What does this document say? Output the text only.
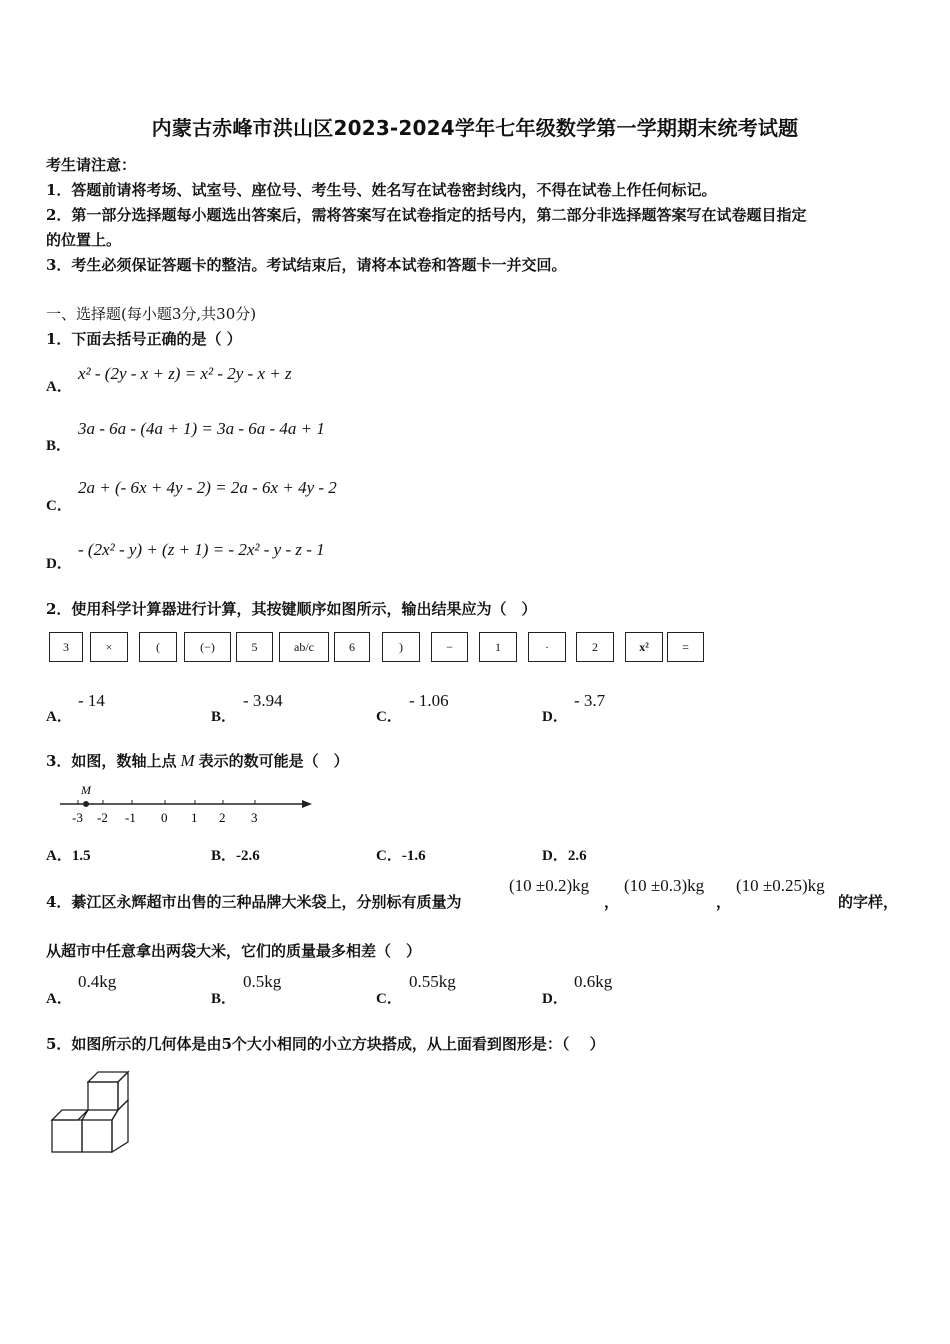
内蒙古赤峰市洪山区2023-2024学年七年级数学第一学期期末统考试题
考生请注意：
1．答题前请将考场、试室号、座位号、考生号、姓名写在试卷密封线内，不得在试卷上作任何标记。
2．第一部分选择题每小题选出答案后，需将答案写在试卷指定的括号内，第二部分非选择题答案写在试卷题目指定
的位置上。
3．考生必须保证答题卡的整洁。考试结束后，请将本试卷和答题卡一并交回。
一、选择题(每小题3分,共30分)
1．下面去括号正确的是（ ）
A．
x² - (2y - x + z) = x² - 2y - x + z
B．
3a - 6a - (4a + 1) = 3a - 6a - 4a + 1
C．
2a + (- 6x + 4y - 2) = 2a - 6x + 4y - 2
D．
- (2x² - y) + (z + 1) = - 2x² - y - z - 1
2．使用科学计算器进行计算，其按键顺序如图所示，输出结果应为（　）
3	×	(	(−)	5	ab/c	6	)	−	1	·	2	x²	=
A．
- 14
B．
- 3.94
C．
- 1.06
D．
- 3.7
3．如图，数轴上点 M 表示的数可能是（　）
M
-3 -2 -1 0 1 2 3
A．1.5	B．-2.6	C．-1.6	D．2.6
4．綦江区永辉超市出售的三种品牌大米袋上，分别标有质量为
(10 ±0.2)kg
，
(10 ±0.3)kg
，
(10 ±0.25)kg
的字样，
从超市中任意拿出两袋大米，它们的质量最多相差（　）
A．
0.4kg
B．
0.5kg
C．
0.55kg
D．
0.6kg
5．如图所示的几何体是由5个大小相同的小立方块搭成，从上面看到图形是：（　 ）
